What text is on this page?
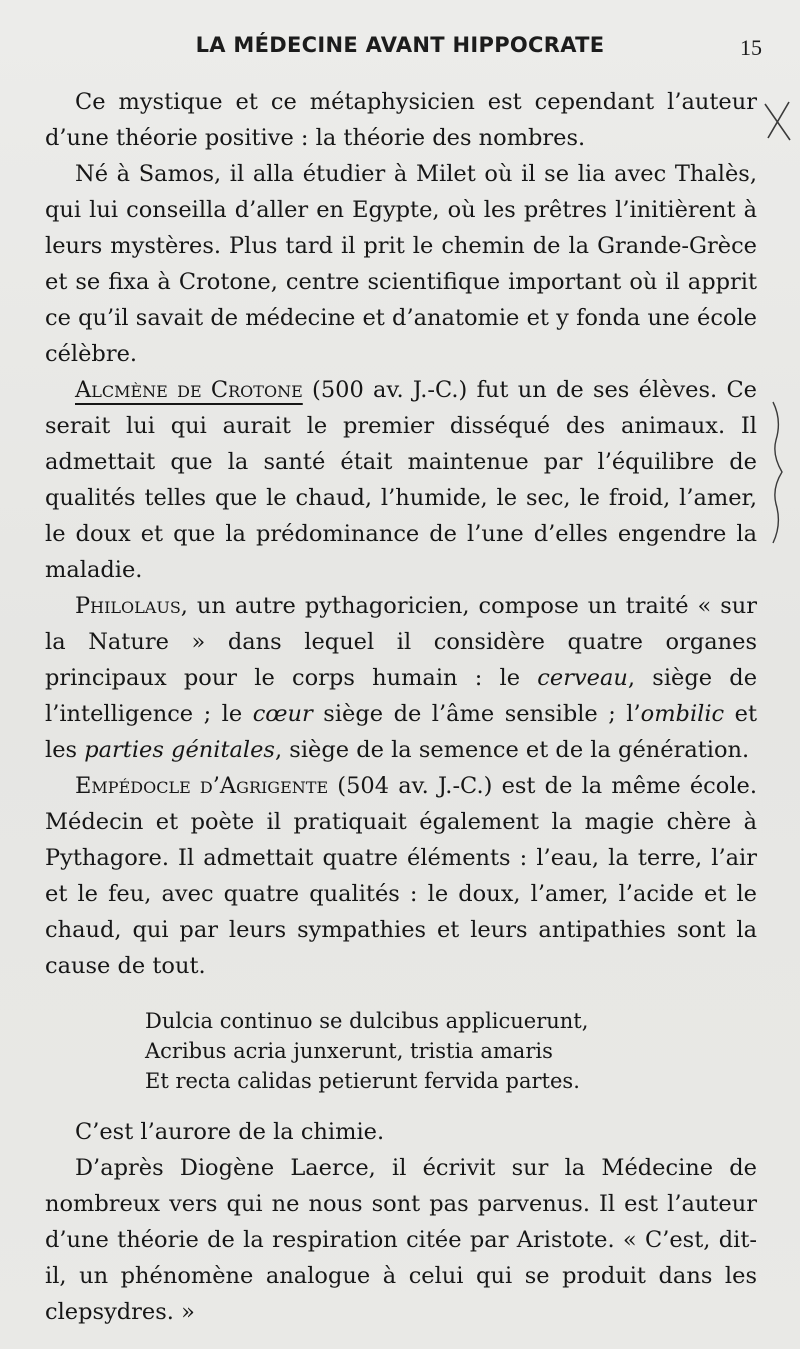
LA MÉDECINE AVANT HIPPOCRATE	15

Ce mystique et ce métaphysicien est cependant l’auteur d’une théorie positive : la théorie des nombres.

Né à Samos, il alla étudier à Milet où il se lia avec Thalès, qui lui conseilla d’aller en Egypte, où les prêtres l’initièrent à leurs mystères. Plus tard il prit le chemin de la Grande-Grèce et se fixa à Crotone, centre scientifique important où il apprit ce qu’il savait de médecine et d’anatomie et y fonda une école célèbre.

Alcmène de Crotone (500 av. J.-C.) fut un de ses élèves. Ce serait lui qui aurait le premier disséqué des animaux. Il admettait que la santé était maintenue par l’équilibre de qualités telles que le chaud, l’humide, le sec, le froid, l’amer, le doux et que la prédominance de l’une d’elles engendre la maladie.

Philolaus, un autre pythagoricien, compose un traité « sur la Nature » dans lequel il considère quatre organes principaux pour le corps humain : le cerveau, siège de l’intelligence ; le cœur siège de l’âme sensible ; l’ombilic et les parties génitales, siège de la semence et de la génération.

Empédocle d’Agrigente (504 av. J.-C.) est de la même école. Médecin et poète il pratiquait également la magie chère à Pythagore. Il admettait quatre éléments : l’eau, la terre, l’air et le feu, avec quatre qualités : le doux, l’amer, l’acide et le chaud, qui par leurs sympathies et leurs antipathies sont la cause de tout.

Dulcia continuo se dulcibus applicuerunt,
Acribus acria junxerunt, tristia amaris
Et recta calidas petierunt fervida partes.

C’est l’aurore de la chimie.

D’après Diogène Laerce, il écrivit sur la Médecine de nombreux vers qui ne nous sont pas parvenus. Il est l’auteur d’une théorie de la respiration citée par Aristote. « C’est, dit-il, un phénomène analogue à celui qui se produit dans les clepsydres. »
